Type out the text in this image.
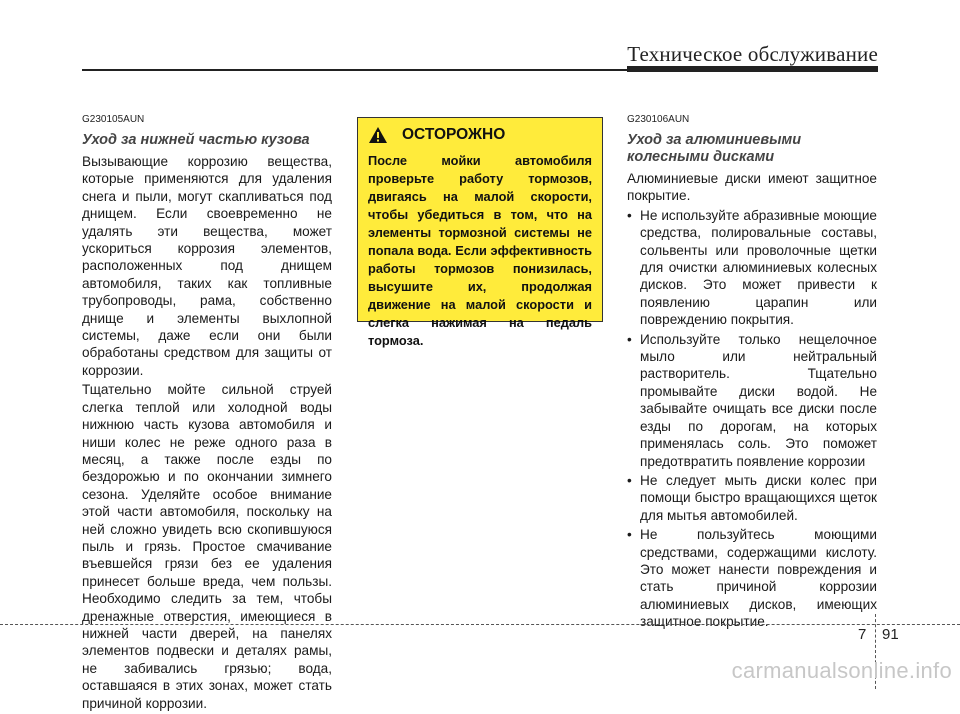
Техническое обслуживание
G230105AUN
Уход за нижней частью кузова

Вызывающие коррозию вещества, которые применяются для удаления снега и пыли, могут скапливаться под днищем. Если своевременно не удалять эти вещества, может ускориться коррозия элементов, расположенных под днищем автомобиля, таких как топливные трубопроводы, рама, собственно днище и элементы выхлопной системы, даже если они были обработаны средством для защиты от коррозии.

Тщательно мойте сильной струей слегка теплой или холодной воды нижнюю часть кузова автомобиля и ниши колес не реже одного раза в месяц, а также после езды по бездорожью и по окончании зимнего сезона. Уделяйте особое внимание этой части автомобиля, поскольку на ней сложно увидеть всю скопившуюся пыль и грязь. Простое смачивание въевшейся грязи без ее удаления принесет больше вреда, чем пользы. Необходимо следить за тем, чтобы дренажные отверстия, имеющиеся в нижней части дверей, на панелях элементов подвески и деталях рамы, не забивались грязью; вода, оставшаяся в этих зонах, может стать причиной коррозии.

ОСТОРОЖНО
После мойки автомобиля проверьте работу тормозов, двигаясь на малой скорости, чтобы убедиться в том, что на элементы тормозной системы не попала вода. Если эффективность работы тормозов понизилась, высушите их, продолжая движение на малой скорости и слегка нажимая на педаль тормоза.
G230106AUN
Уход за алюминиевыми колесными дисками

Алюминиевые диски имеют защитное покрытие.

• Не используйте абразивные моющие средства, полировальные составы, сольвенты или проволочные щетки для очистки алюминиевых колесных дисков. Это может привести к появлению царапин или повреждению покрытия.
• Используйте только нещелочное мыло или нейтральный растворитель. Тщательно промывайте диски водой. Не забывайте очищать все диски после езды по дорогам, на которых применялась соль. Это поможет предотвратить появление коррозии
• Не следует мыть диски колес при помощи быстро вращающихся щеток для мытья автомобилей.
• Не пользуйтесь моющими средствами, содержащими кислоту. Это может нанести повреждения и стать причиной коррозии алюминиевых дисков, имеющих защитное покрытие.
7 91
carmanualsonline.info
